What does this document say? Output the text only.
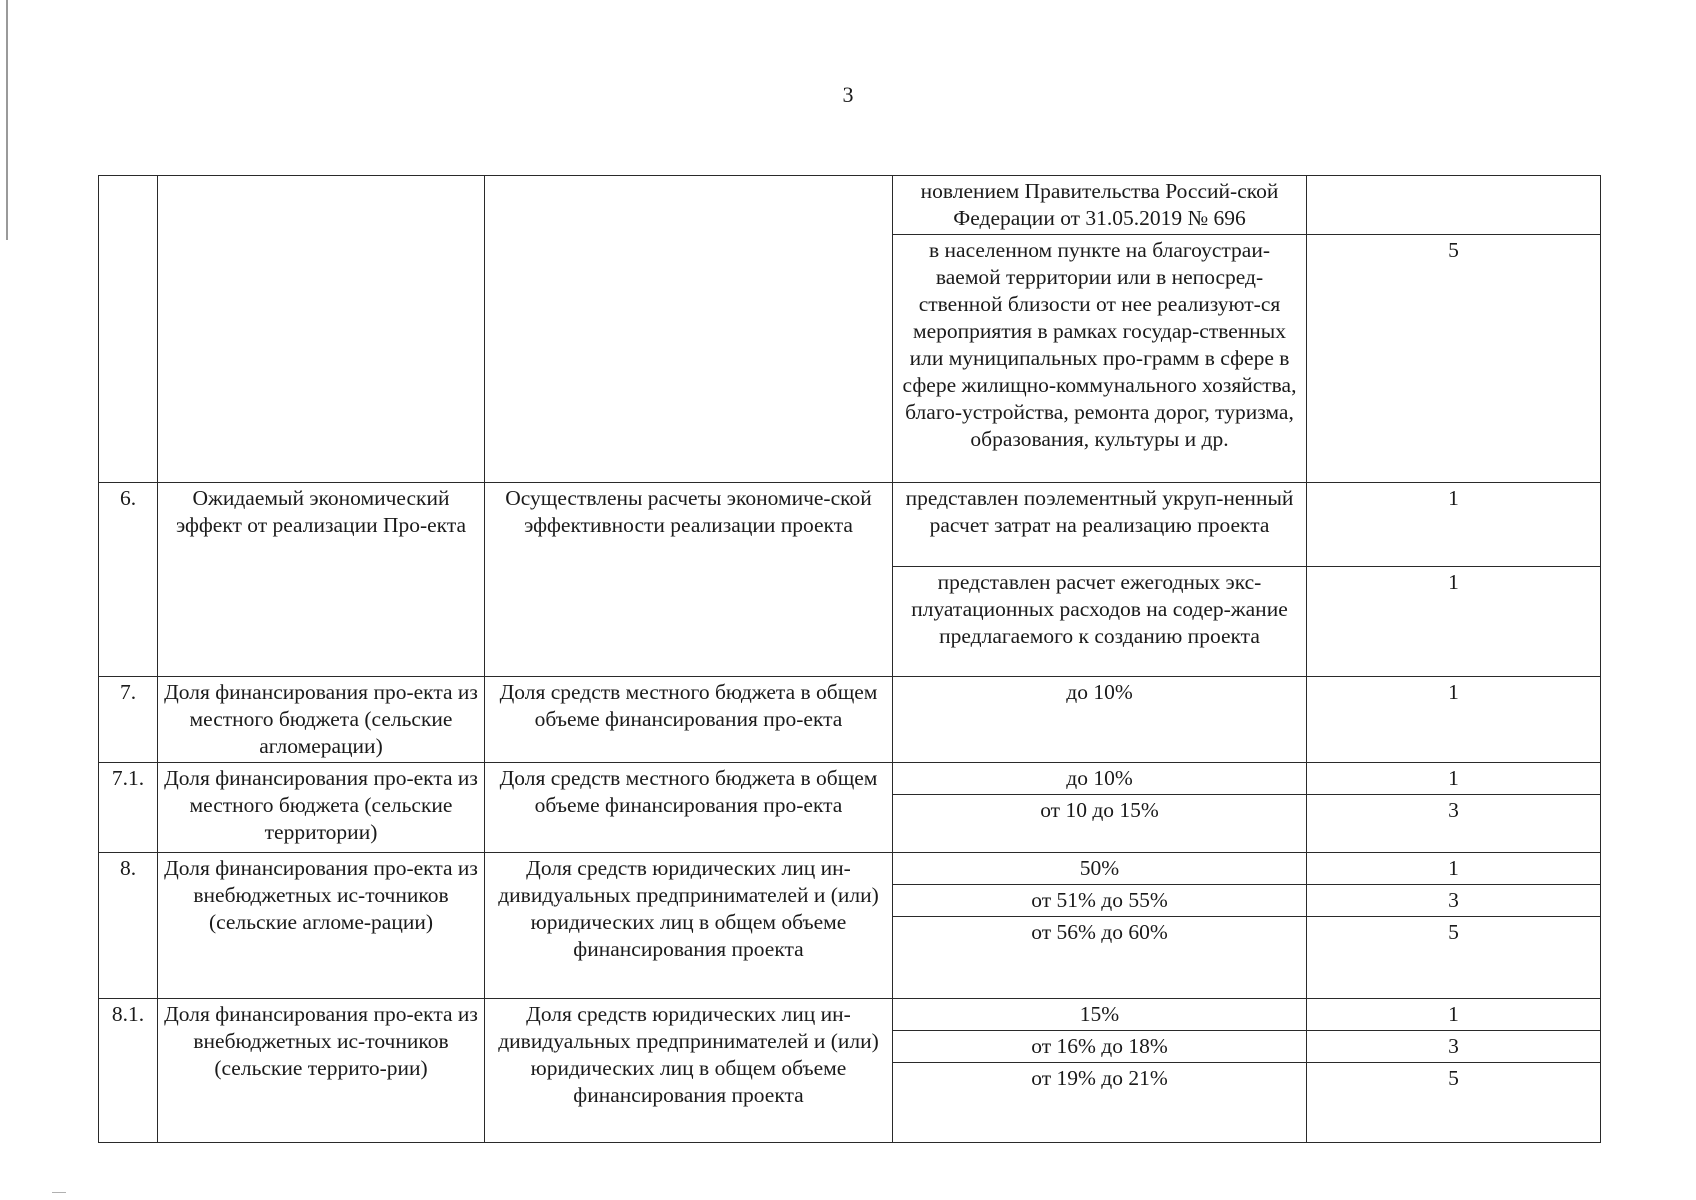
3
			новлением Правительства Россий-ской Федерации от 31.05.2019 № 696	
			в населенном пункте на благоустраи-ваемой территории или в непосред-ственной близости от нее реализуют-ся мероприятия в рамках государ-ственных или муниципальных про-грамм в сфере в сфере жилищно-коммунального хозяйства, благо-устройства, ремонта дорог, туризма, образования, культуры и др.	5
6.	Ожидаемый экономический эффект от реализации Про-екта	Осуществлены расчеты экономиче-ской эффективности реализации проекта	представлен поэлементный укруп-ненный расчет затрат на реализацию проекта	1
			представлен расчет ежегодных экс-плуатационных расходов на содер-жание предлагаемого к созданию проекта	1
7.	Доля финансирования про-екта из местного бюджета (сельские агломерации)	Доля средств местного бюджета в общем объеме финансирования про-екта	до 10%	1
7.1.	Доля финансирования про-екта из местного бюджета (сельские территории)	Доля средств местного бюджета в общем объеме финансирования про-екта	до 10%	1
			от 10 до 15%	3
8.	Доля финансирования про-екта из внебюджетных ис-точников (сельские агломе-рации)	Доля средств юридических лиц ин-дивидуальных предпринимателей и (или) юридических лиц в общем объеме финансирования проекта	50%	1
			от 51% до 55%	3
			от 56% до 60%	5
8.1.	Доля финансирования про-екта из внебюджетных ис-точников (сельские террито-рии)	Доля средств юридических лиц ин-дивидуальных предпринимателей и (или) юридических лиц в общем объеме финансирования проекта	15%	1
			от 16% до 18%	3
			от 19% до 21%	5
